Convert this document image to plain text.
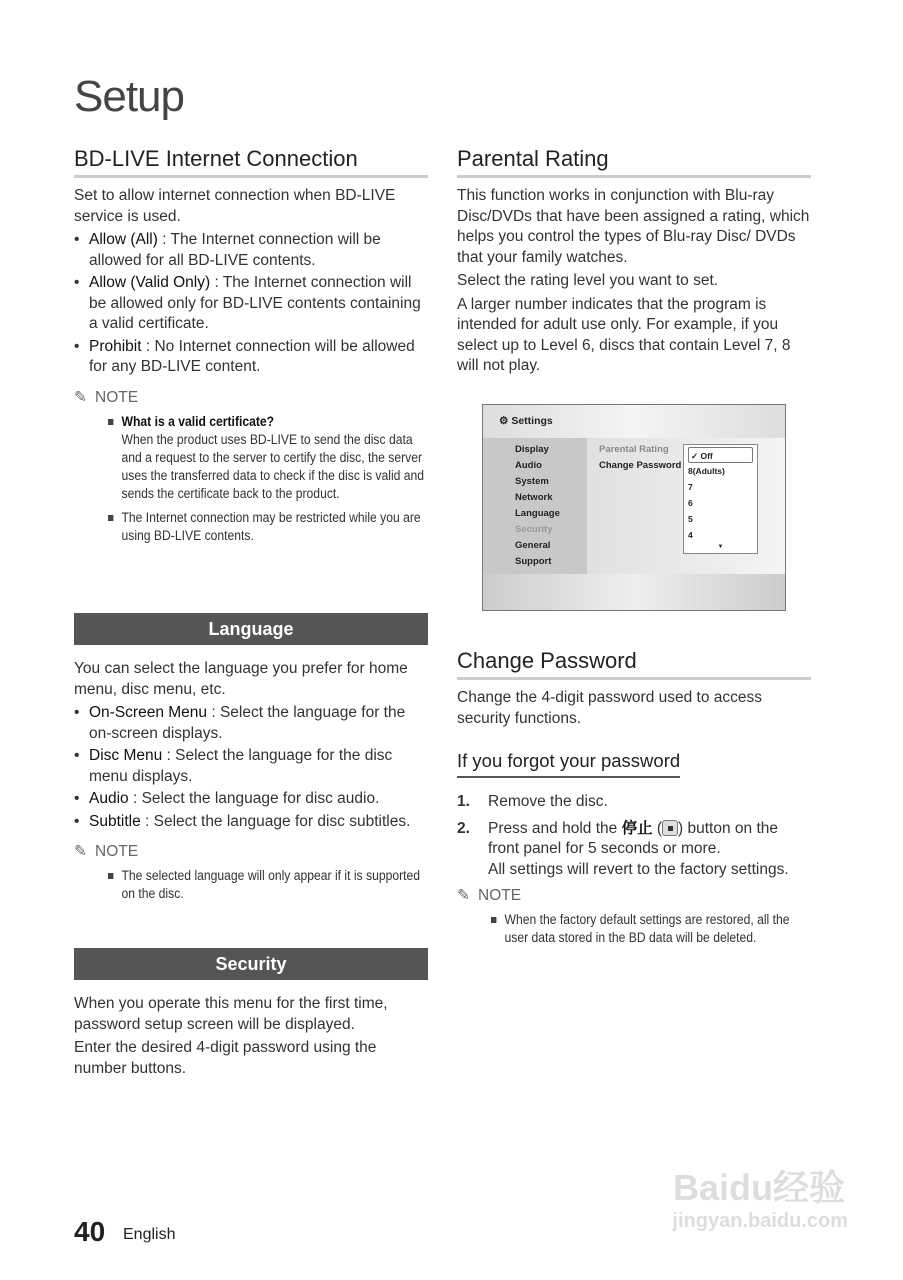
Setup
BD-LIVE Internet Connection

Set to allow internet connection when BD-LIVE service is used.

• Allow (All) : The Internet connection will be allowed for all BD-LIVE contents.
• Allow (Valid Only) : The Internet connection will be allowed only for BD-LIVE contents containing a valid certificate.
• Prohibit : No Internet connection will be allowed for any BD-LIVE content.
✎ NOTE
What is a valid certificate?
When the product uses BD-LIVE to send the disc data and a request to the server to certify the disc, the server uses the transferred data to check if the disc is valid and sends the certificate back to the product.
The Internet connection may be restricted while you are using BD-LIVE contents.
Language

You can select the language you prefer for home menu, disc menu, etc.

• On-Screen Menu : Select the language for the on-screen displays.
• Disc Menu : Select the language for the disc menu displays.
• Audio : Select the language for disc audio.
• Subtitle : Select the language for disc subtitles.
✎ NOTE
The selected language will only appear if it is supported on the disc.
Security

When you operate this menu for the first time, password setup screen will be displayed.

Enter the desired 4-digit password using the number buttons.

Parental Rating

This function works in conjunction with Blu-ray Disc/DVDs that have been assigned a rating, which helps you control the types of Blu-ray Disc/ DVDs that your family watches.

Select the rating level you want to set.

A larger number indicates that the program is intended for adult use only. For example, if you select up to Level 6, discs that contain Level 7, 8 will not play.

⚙ Settings
Display
Audio
System
Network
Language
Security
General
Support
Parental Rating
Change Password
✓ Off
8(Adults)
7
6
5
4
▼
Change Password

Change the 4-digit password used to access security functions.

If you forgot your password
1. Remove the disc.
2. Press and hold the 停止 ( ) button on the front panel for 5 seconds or more.
All settings will revert to the factory settings.
✎ NOTE
When the factory default settings are restored, all the user data stored in the BD data will be deleted.
Baidu经验
jingyan.baidu.com
40 English
